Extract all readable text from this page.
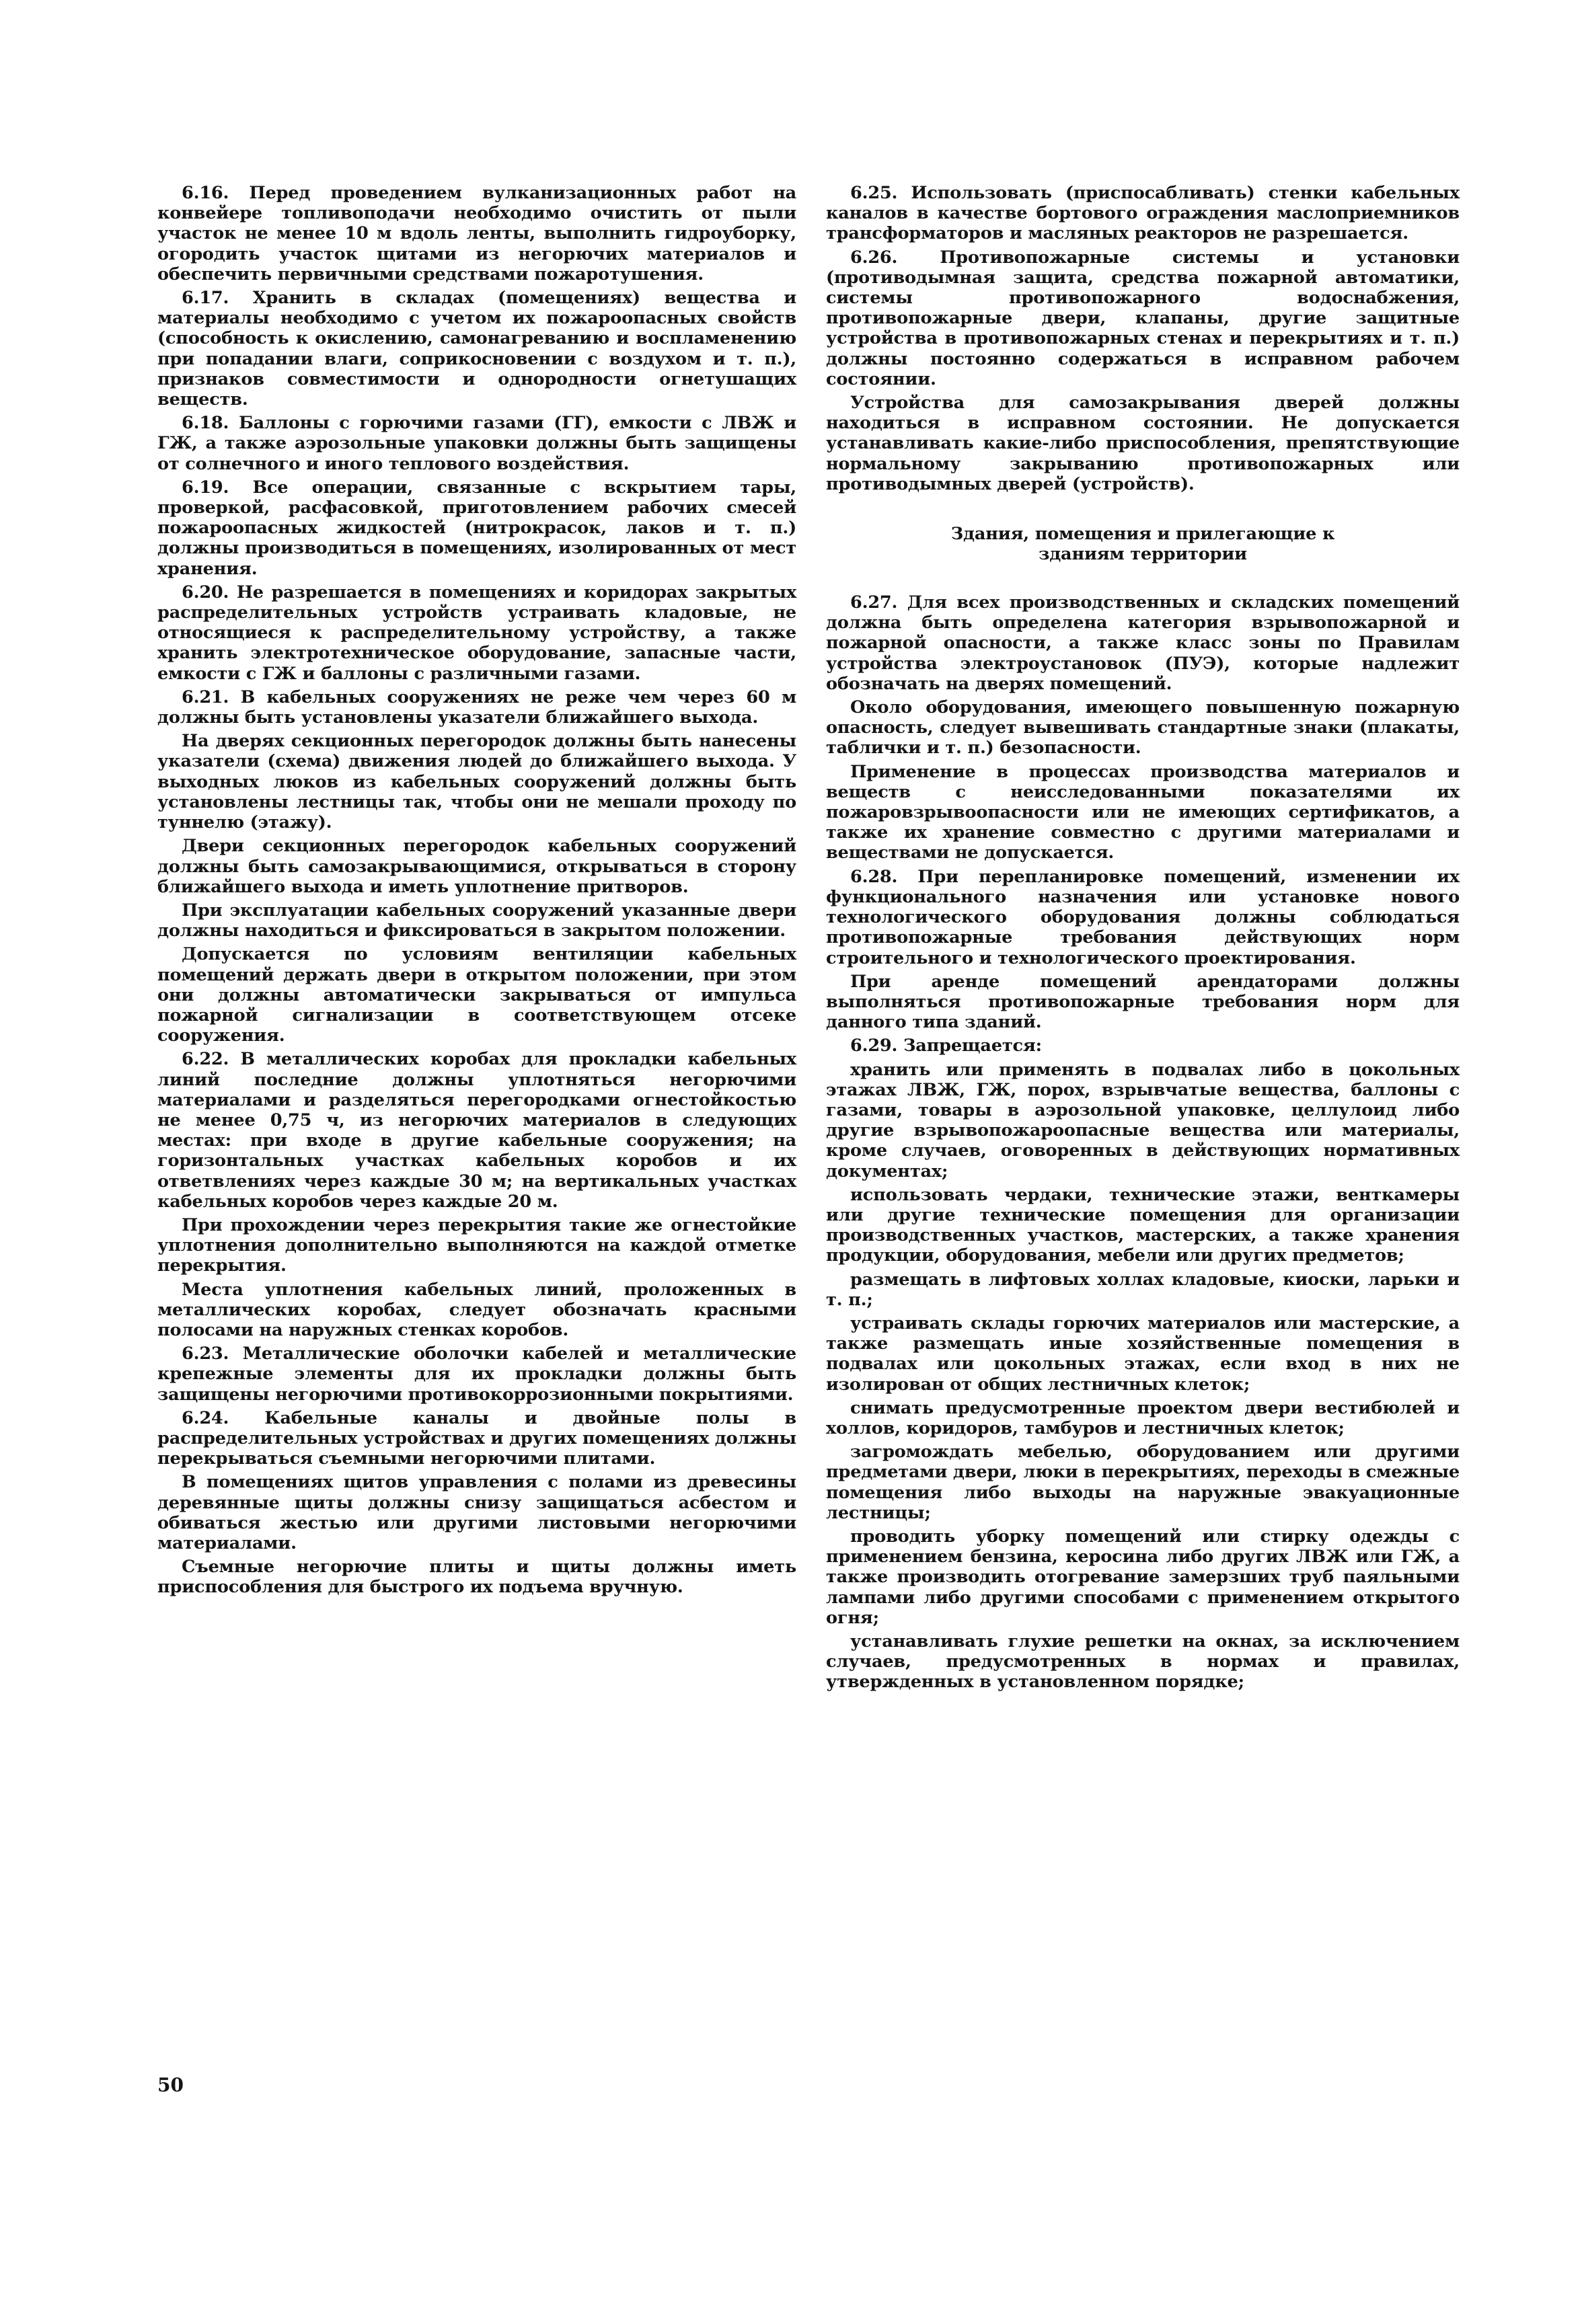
6.16. Перед проведением вулканизационных работ на конвейере топливоподачи необходимо очистить от пыли участок не менее 10 м вдоль ленты, выполнить гидроуборку, огородить участок щитами из негорючих материалов и обеспечить первичными средствами пожаротушения.

6.17. Хранить в складах (помещениях) вещества и материалы необходимо с учетом их пожароопасных свойств (способность к окислению, самонагреванию и воспламенению при попадании влаги, соприкосновении с воздухом и т. п.), признаков совместимости и однородности огнетушащих веществ.

6.18. Баллоны с горючими газами (ГГ), емкости с ЛВЖ и ГЖ, а также аэрозольные упаковки должны быть защищены от солнечного и иного теплового воздействия.

6.19. Все операции, связанные с вскрытием тары, проверкой, расфасовкой, приготовлением рабочих смесей пожароопасных жидкостей (нитрокрасок, лаков и т. п.) должны производиться в помещениях, изолированных от мест хранения.

6.20. Не разрешается в помещениях и коридорах закрытых распределительных устройств устраивать кладовые, не относящиеся к распределительному устройству, а также хранить электротехническое оборудование, запасные части, емкости с ГЖ и баллоны с различными газами.

6.21. В кабельных сооружениях не реже чем через 60 м должны быть установлены указатели ближайшего выхода.

На дверях секционных перегородок должны быть нанесены указатели (схема) движения людей до ближайшего выхода. У выходных люков из кабельных сооружений должны быть установлены лестницы так, чтобы они не мешали проходу по туннелю (этажу).

Двери секционных перегородок кабельных сооружений должны быть самозакрывающимися, открываться в сторону ближайшего выхода и иметь уплотнение притворов.

При эксплуатации кабельных сооружений указанные двери должны находиться и фиксироваться в закрытом положении.

Допускается по условиям вентиляции кабельных помещений держать двери в открытом положении, при этом они должны автоматически закрываться от импульса пожарной сигнализации в соответствующем отсеке сооружения.

6.22. В металлических коробах для прокладки кабельных линий последние должны уплотняться негорючими материалами и разделяться перегородками огнестойкостью не менее 0,75 ч, из негорючих материалов в следующих местах: при входе в другие кабельные сооружения; на горизонтальных участках кабельных коробов и их ответвлениях через каждые 30 м; на вертикальных участках кабельных коробов через каждые 20 м.

При прохождении через перекрытия такие же огнестойкие уплотнения дополнительно выполняются на каждой отметке перекрытия.

Места уплотнения кабельных линий, проложенных в металлических коробах, следует обозначать красными полосами на наружных стенках коробов.

6.23. Металлические оболочки кабелей и металлические крепежные элементы для их прокладки должны быть защищены негорючими противокоррозионными покрытиями.

6.24. Кабельные каналы и двойные полы в распределительных устройствах и других помещениях должны перекрываться съемными негорючими плитами.

В помещениях щитов управления с полами из древесины деревянные щиты должны снизу защищаться асбестом и обиваться жестью или другими листовыми негорючими материалами.

Съемные негорючие плиты и щиты должны иметь приспособления для быстрого их подъема вручную.

6.25. Использовать (приспосабливать) стенки кабельных каналов в качестве бортового ограждения маслоприемников трансформаторов и масляных реакторов не разрешается.

6.26. Противопожарные системы и установки (противодымная защита, средства пожарной автоматики, системы противопожарного водоснабжения, противопожарные двери, клапаны, другие защитные устройства в противопожарных стенах и перекрытиях и т. п.) должны постоянно содержаться в исправном рабочем состоянии.

Устройства для самозакрывания дверей должны находиться в исправном состоянии. Не допускается устанавливать какие-либо приспособления, препятствующие нормальному закрыванию противопожарных или противодымных дверей (устройств).

Здания, помещения и прилегающие к зданиям территории

6.27. Для всех производственных и складских помещений должна быть определена категория взрывопожарной и пожарной опасности, а также класс зоны по Правилам устройства электроустановок (ПУЭ), которые надлежит обозначать на дверях помещений.

Около оборудования, имеющего повышенную пожарную опасность, следует вывешивать стандартные знаки (плакаты, таблички и т. п.) безопасности.

Применение в процессах производства материалов и веществ с неисследованными показателями их пожаровзрывоопасности или не имеющих сертификатов, а также их хранение совместно с другими материалами и веществами не допускается.

6.28. При перепланировке помещений, изменении их функционального назначения или установке нового технологического оборудования должны соблюдаться противопожарные требования действующих норм строительного и технологического проектирования.

При аренде помещений арендаторами должны выполняться противопожарные требования норм для данного типа зданий.

6.29. Запрещается:

хранить или применять в подвалах либо в цокольных этажах ЛВЖ, ГЖ, порох, взрывчатые вещества, баллоны с газами, товары в аэрозольной упаковке, целлулоид либо другие взрывопожароопасные вещества или материалы, кроме случаев, оговоренных в действующих нормативных документах;

использовать чердаки, технические этажи, венткамеры или другие технические помещения для организации производственных участков, мастерских, а также хранения продукции, оборудования, мебели или других предметов;

размещать в лифтовых холлах кладовые, киоски, ларьки и т. п.;

устраивать склады горючих материалов или мастерские, а также размещать иные хозяйственные помещения в подвалах или цокольных этажах, если вход в них не изолирован от общих лестничных клеток;

снимать предусмотренные проектом двери вестибюлей и холлов, коридоров, тамбуров и лестничных клеток;

загромождать мебелью, оборудованием или другими предметами двери, люки в перекрытиях, переходы в смежные помещения либо выходы на наружные эвакуационные лестницы;

проводить уборку помещений или стирку одежды с применением бензина, керосина либо других ЛВЖ или ГЖ, а также производить отогревание замерзших труб паяльными лампами либо другими способами с применением открытого огня;

устанавливать глухие решетки на окнах, за исключением случаев, предусмотренных в нормах и правилах, утвержденных в установленном порядке;

50
